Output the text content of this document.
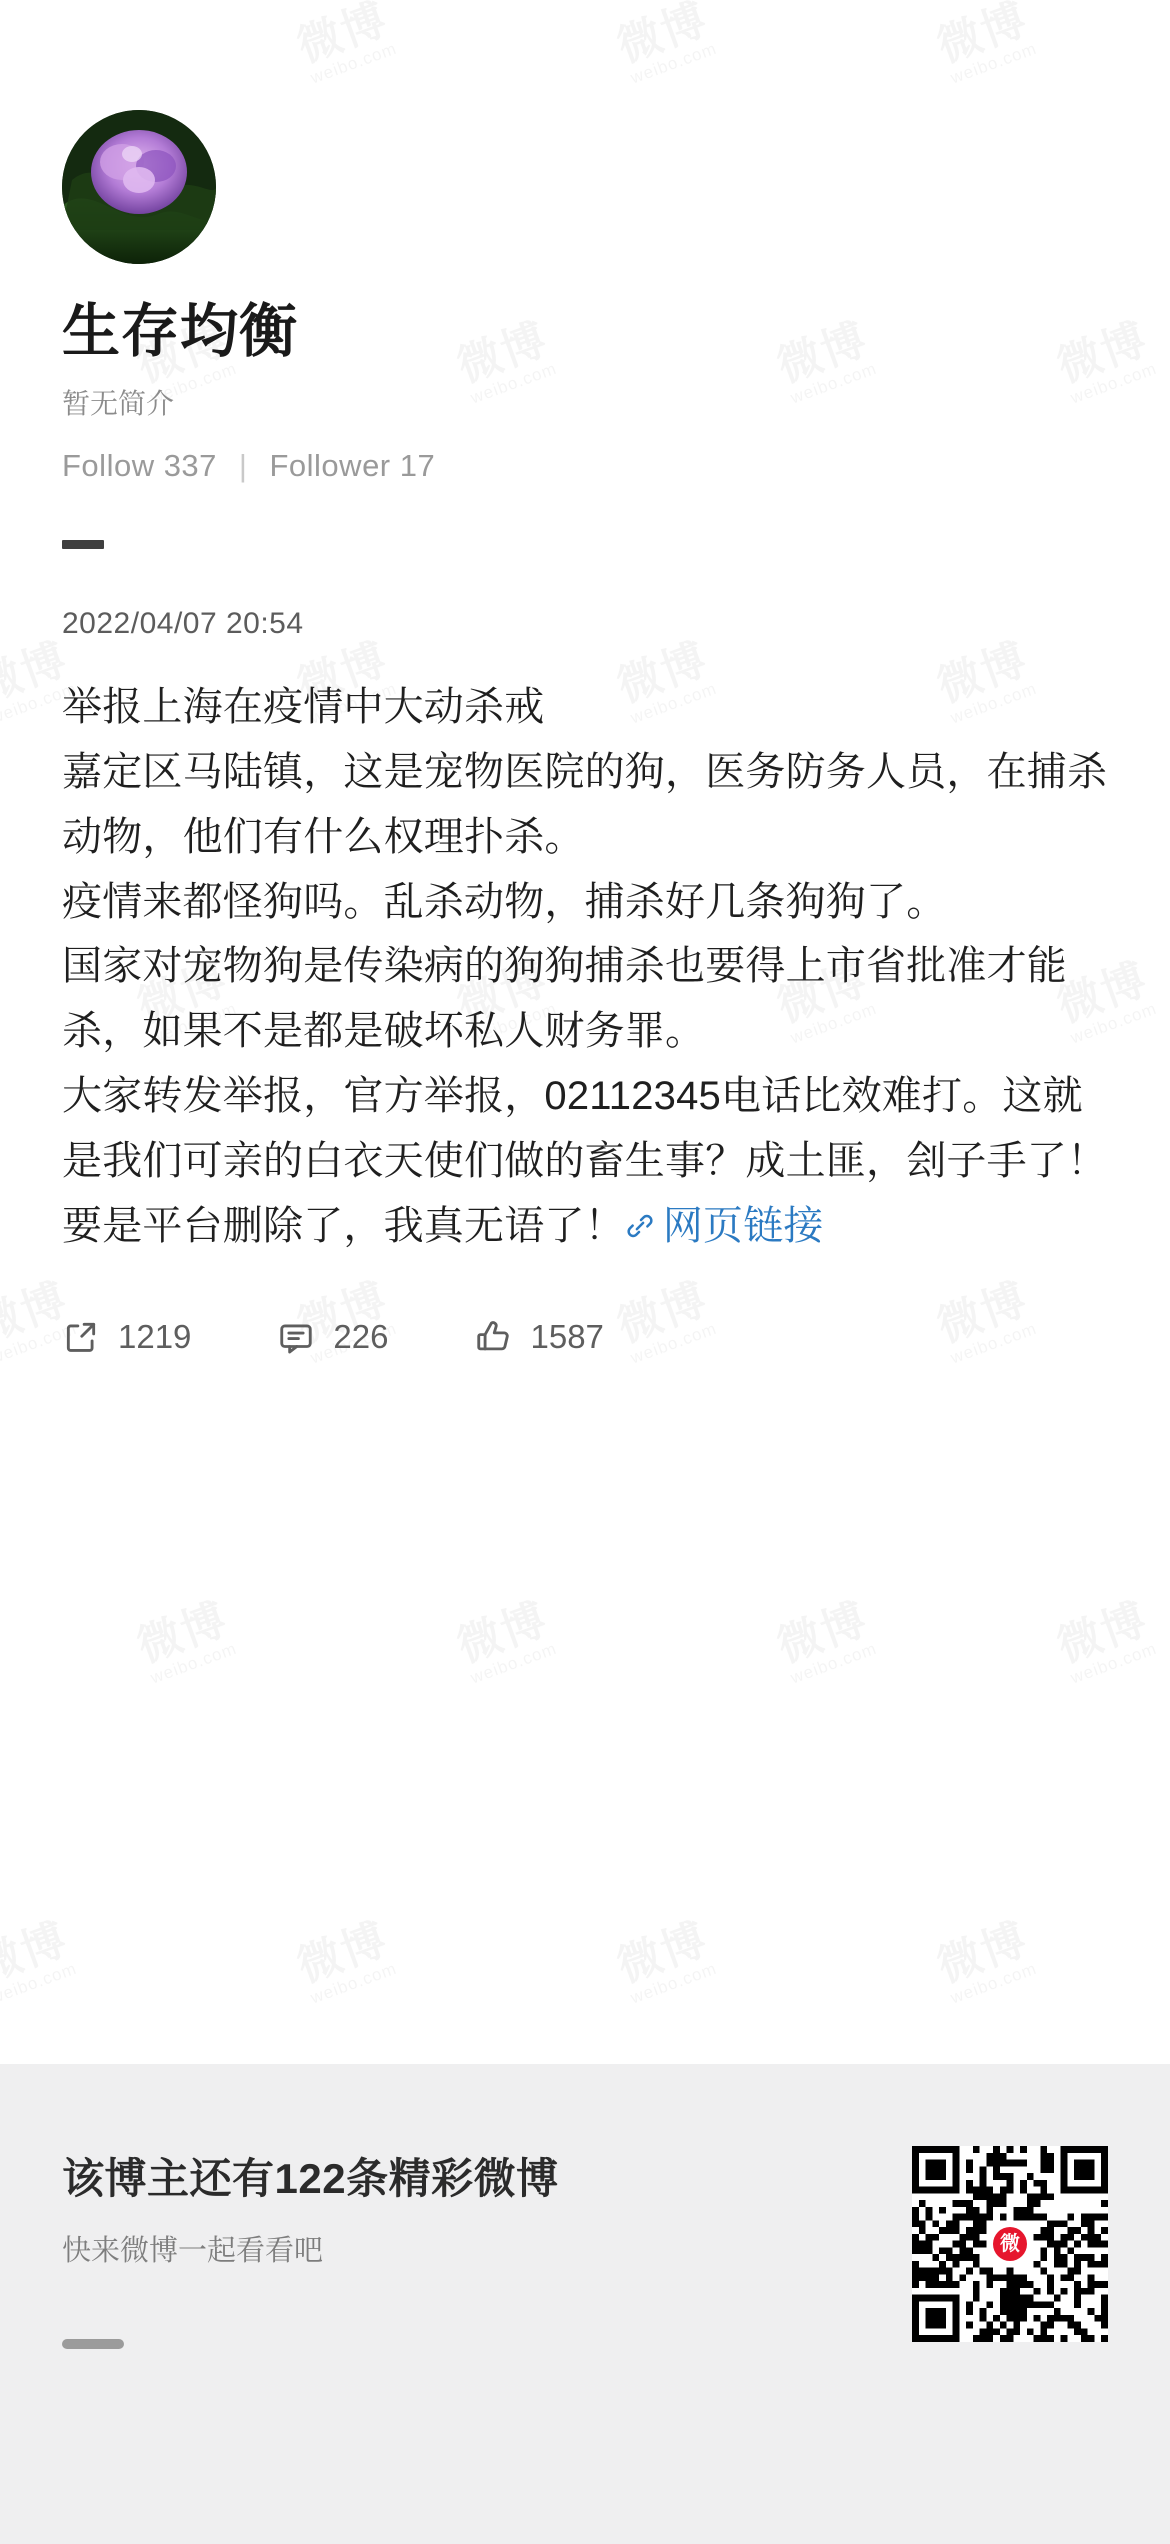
生存均衡
暂无简介
Follow 337 | Follower 17
2022/04/07 20:54

举报上海在疫情中大动杀戒

嘉定区马陆镇，这是宠物医院的狗，医务防务人员，在捕杀动物，他们有什么权理扑杀。

疫情来都怪狗吗。乱杀动物，捕杀好几条狗狗了。

国家对宠物狗是传染病的狗狗捕杀也要得上市省批准才能杀，如果不是都是破坏私人财务罪。

大家转发举报，官方举报，02112345电话比效难打。这就是我们可亲的白衣天使们做的畜生事？成土匪，刽子手了！要是平台删除了，我真无语了！ 网页链接

1219	226	1587
该博主还有122条精彩微博
快来微博一起看看吧	微
